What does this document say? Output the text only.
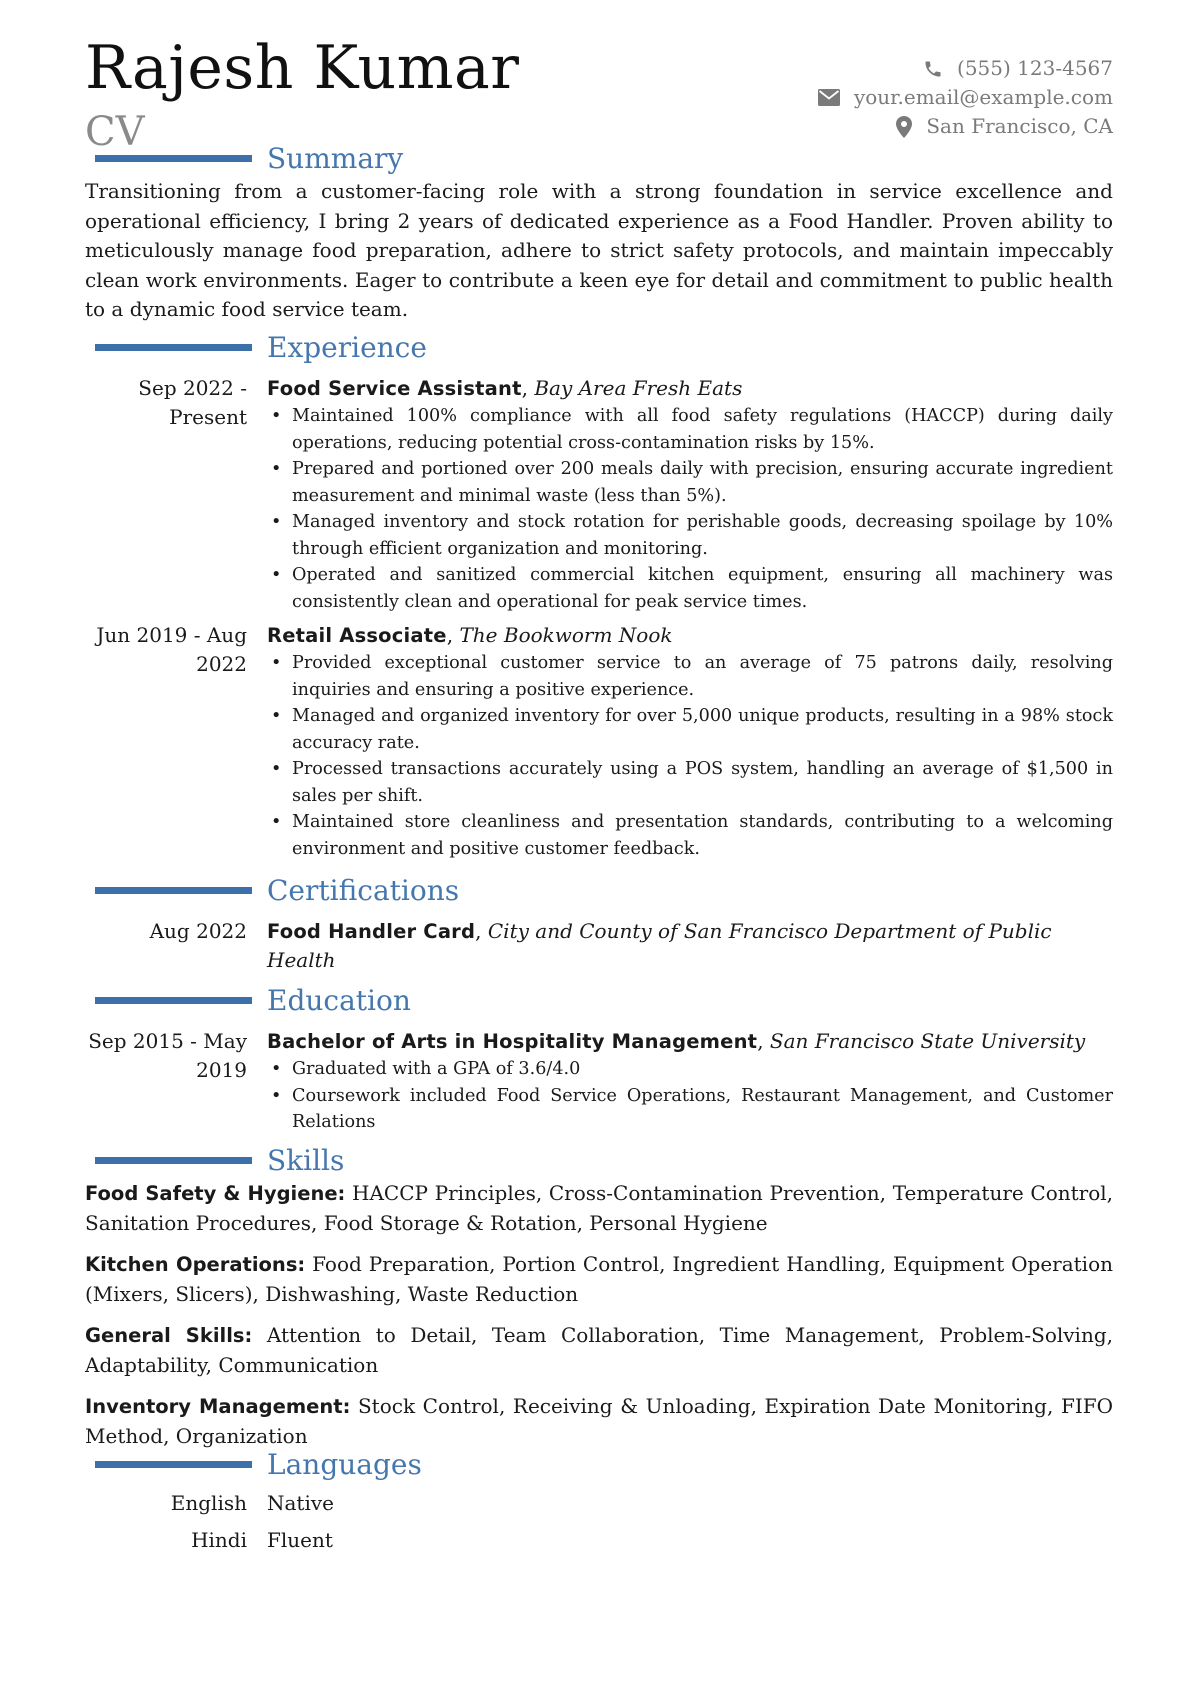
Rajesh Kumar
CV
(555) 123-4567
your.email@example.com
San Francisco, CA
Summary

Transitioning from a customer-facing role with a strong foundation in service excellence and operational efficiency, I bring 2 years of dedicated experience as a Food Handler. Proven ability to meticulously manage food preparation, adhere to strict safety protocols, and maintain impeccably clean work environments. Eager to contribute a keen eye for detail and commitment to public health to a dynamic food service team.

Experience
Sep 2022 - Present
Food Service Assistant, Bay Area Fresh Eats
• Maintained 100% compliance with all food safety regulations (HACCP) during daily operations, reducing potential cross-contamination risks by 15%.
• Prepared and portioned over 200 meals daily with precision, ensuring accurate ingredient measurement and minimal waste (less than 5%).
• Managed inventory and stock rotation for perishable goods, decreasing spoilage by 10% through efficient organization and monitoring.
• Operated and sanitized commercial kitchen equipment, ensuring all machinery was consistently clean and operational for peak service times.
Jun 2019 - Aug 2022
Retail Associate, The Bookworm Nook
• Provided exceptional customer service to an average of 75 patrons daily, resolving inquiries and ensuring a positive experience.
• Managed and organized inventory for over 5,000 unique products, resulting in a 98% stock accuracy rate.
• Processed transactions accurately using a POS system, handling an average of $1,500 in sales per shift.
• Maintained store cleanliness and presentation standards, contributing to a welcoming environment and positive customer feedback.
Certifications
Aug 2022 Food Handler Card, City and County of San Francisco Department of Public Health
Education
Sep 2015 - May 2019
Bachelor of Arts in Hospitality Management, San Francisco State University
• Graduated with a GPA of 3.6/4.0
• Coursework included Food Service Operations, Restaurant Management, and Customer Relations
Skills

Food Safety & Hygiene: HACCP Principles, Cross-Contamination Prevention, Temperature Control, Sanitation Procedures, Food Storage & Rotation, Personal Hygiene

Kitchen Operations: Food Preparation, Portion Control, Ingredient Handling, Equipment Operation (Mixers, Slicers), Dishwashing, Waste Reduction

General Skills: Attention to Detail, Team Collaboration, Time Management, Problem-Solving, Adaptability, Communication

Inventory Management: Stock Control, Receiving & Unloading, Expiration Date Monitoring, FIFO Method, Organization

Languages
English Native
Hindi Fluent
